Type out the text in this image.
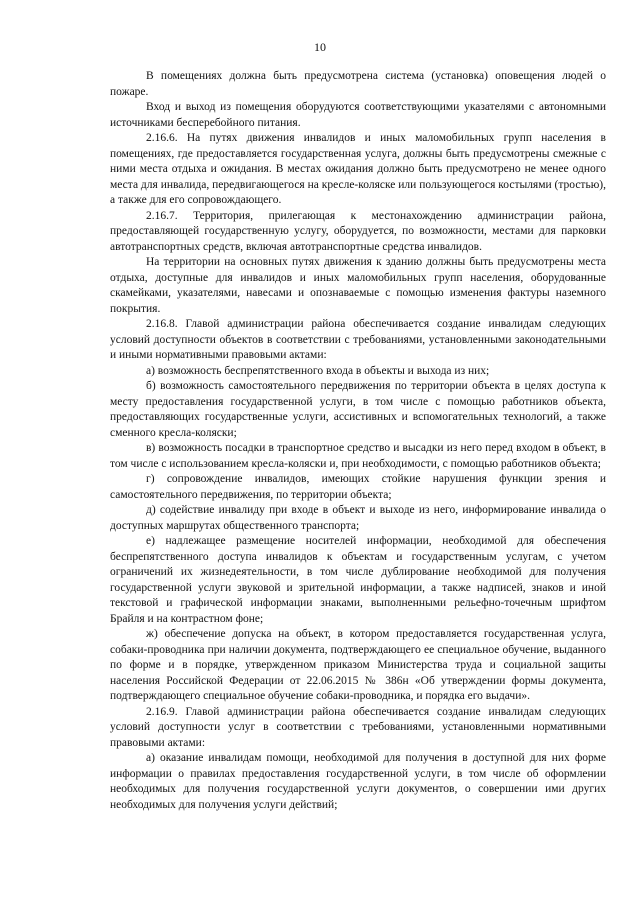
10

В помещениях должна быть предусмотрена система (установка) оповещения людей о пожаре.

Вход и выход из помещения оборудуются соответствующими указателями с автономными источниками бесперебойного питания.

2.16.6. На путях движения инвалидов и иных маломобильных групп населения в помещениях, где предоставляется государственная услуга, должны быть предусмотрены смежные с ними места отдыха и ожидания. В местах ожидания должно быть предусмотрено не менее одного места для инвалида, передвигающегося на кресле-коляске или пользующегося костылями (тростью), а также для его сопровождающего.

2.16.7. Территория, прилегающая к местонахождению администрации района, предоставляющей государственную услугу, оборудуется, по возможности, местами для парковки автотранспортных средств, включая автотранспортные средства инвалидов.

На территории на основных путях движения к зданию должны быть предусмотрены места отдыха, доступные для инвалидов и иных маломобильных групп населения, оборудованные скамейками, указателями, навесами и опознаваемые с помощью изменения фактуры наземного покрытия.

2.16.8. Главой администрации района обеспечивается создание инвалидам следующих условий доступности объектов в соответствии с требованиями, установленными законодательными и иными нормативными правовыми актами:

а) возможность беспрепятственного входа в объекты и выхода из них;

б) возможность самостоятельного передвижения по территории объекта в целях доступа к месту предоставления государственной услуги, в том числе с помощью работников объекта, предоставляющих государственные услуги, ассистивных и вспомогательных технологий, а также сменного кресла-коляски;

в) возможность посадки в транспортное средство и высадки из него перед входом в объект, в том числе с использованием кресла-коляски и, при необходимости, с помощью работников объекта;

г) сопровождение инвалидов, имеющих стойкие нарушения функции зрения и самостоятельного передвижения, по территории объекта;

д) содействие инвалиду при входе в объект и выходе из него, информирование инвалида о доступных маршрутах общественного транспорта;

е) надлежащее размещение носителей информации, необходимой для обеспечения беспрепятственного доступа инвалидов к объектам и государственным услугам, с учетом ограничений их жизнедеятельности, в том числе дублирование необходимой для получения государственной услуги звуковой и зрительной информации, а также надписей, знаков и иной текстовой и графической информации знаками, выполненными рельефно-точечным шрифтом Брайля и на контрастном фоне;

ж) обеспечение допуска на объект, в котором предоставляется государственная услуга, собаки-проводника при наличии документа, подтверждающего ее специальное обучение, выданного по форме и в порядке, утвержденном приказом Министерства труда и социальной защиты населения Российской Федерации от 22.06.2015 № 386н «Об утверждении формы документа, подтверждающего специальное обучение собаки-проводника, и порядка его выдачи».

2.16.9. Главой администрации района обеспечивается создание инвалидам следующих условий доступности услуг в соответствии с требованиями, установленными нормативными правовыми актами:

а) оказание инвалидам помощи, необходимой для получения в доступной для них форме информации о правилах предоставления государственной услуги, в том числе об оформлении необходимых для получения государственной услуги документов, о совершении ими других необходимых для получения услуги действий;
